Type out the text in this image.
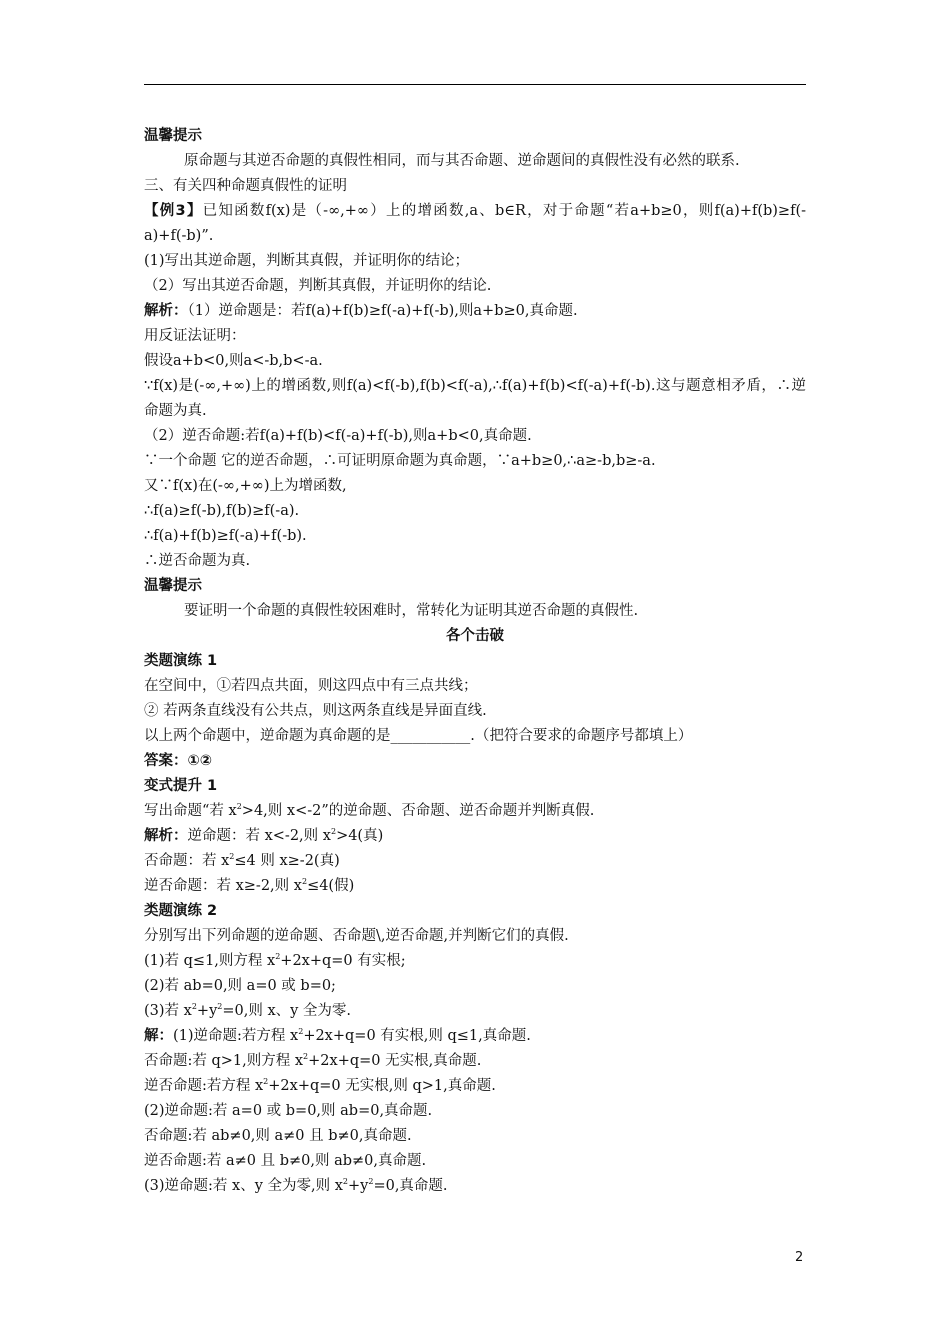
温馨提示
原命题与其逆否命题的真假性相同，而与其否命题、逆命题间的真假性没有必然的联系.
三、有关四种命题真假性的证明
【例3】已知函数f(x)是（-∞,+∞）上的增函数,a、b∈R，对于命题“若a+b≥0，则f(a)+f(b)≥f(-a)+f(-b)”.
(1)写出其逆命题，判断其真假，并证明你的结论；
（2）写出其逆否命题，判断其真假，并证明你的结论.
解析：（1）逆命题是：若f(a)+f(b)≥f(-a)+f(-b),则a+b≥0,真命题.
用反证法证明：
假设a+b<0,则a<-b,b<-a.
∵f(x)是(-∞,+∞)上的增函数,则f(a)<f(-b),f(b)<f(-a),∴f(a)+f(b)<f(-a)+f(-b).这与题意相矛盾，∴逆命题为真.
（2）逆否命题:若f(a)+f(b)<f(-a)+f(-b),则a+b<0,真命题.
∵一个命题 它的逆否命题，∴可证明原命题为真命题，∵a+b≥0,∴a≥-b,b≥-a.
又∵f(x)在(-∞,+∞)上为增函数,
∴f(a)≥f(-b),f(b)≥f(-a).
∴f(a)+f(b)≥f(-a)+f(-b).
∴逆否命题为真.
温馨提示
要证明一个命题的真假性较困难时，常转化为证明其逆否命题的真假性.
各个击破
类题演练 1
在空间中，①若四点共面，则这四点中有三点共线；
② 若两条直线没有公共点，则这两条直线是异面直线.
以上两个命题中，逆命题为真命题的是___________.（把符合要求的命题序号都填上）
答案：①②
变式提升 1
写出命题“若 $x^2>4$,则 x<-2”的逆命题、否命题、逆否命题并判断真假.
解析：逆命题：若 x<-2,则 $x^2>4$(真)
否命题：若 $x^2\le 4$ 则 x≥-2(真)
逆否命题：若 x≥-2,则 $x^2\le 4$(假)
类题演练 2
分别写出下列命题的逆命题、否命题\,逆否命题,并判断它们的真假.
(1)若 q≤1,则方程 $x^2+2x+q=0$ 有实根;
(2)若 ab=0,则 a=0 或 b=0;
(3)若 $x^2+y^2=0$,则 x、y 全为零.
解：(1)逆命题:若方程 $x^2+2x+q=0$ 有实根,则 q≤1,真命题.
否命题:若 q>1,则方程 $x^2+2x+q=0$ 无实根,真命题.
逆否命题:若方程 $x^2+2x+q=0$ 无实根,则 q>1,真命题.
(2)逆命题:若 a=0 或 b=0,则 ab=0,真命题.
否命题:若 ab≠0,则 a≠0 且 b≠0,真命题.
逆否命题:若 a≠0 且 b≠0,则 ab≠0,真命题.
(3)逆命题:若 x、y 全为零,则 $x^2+y^2=0$,真命题.
2
